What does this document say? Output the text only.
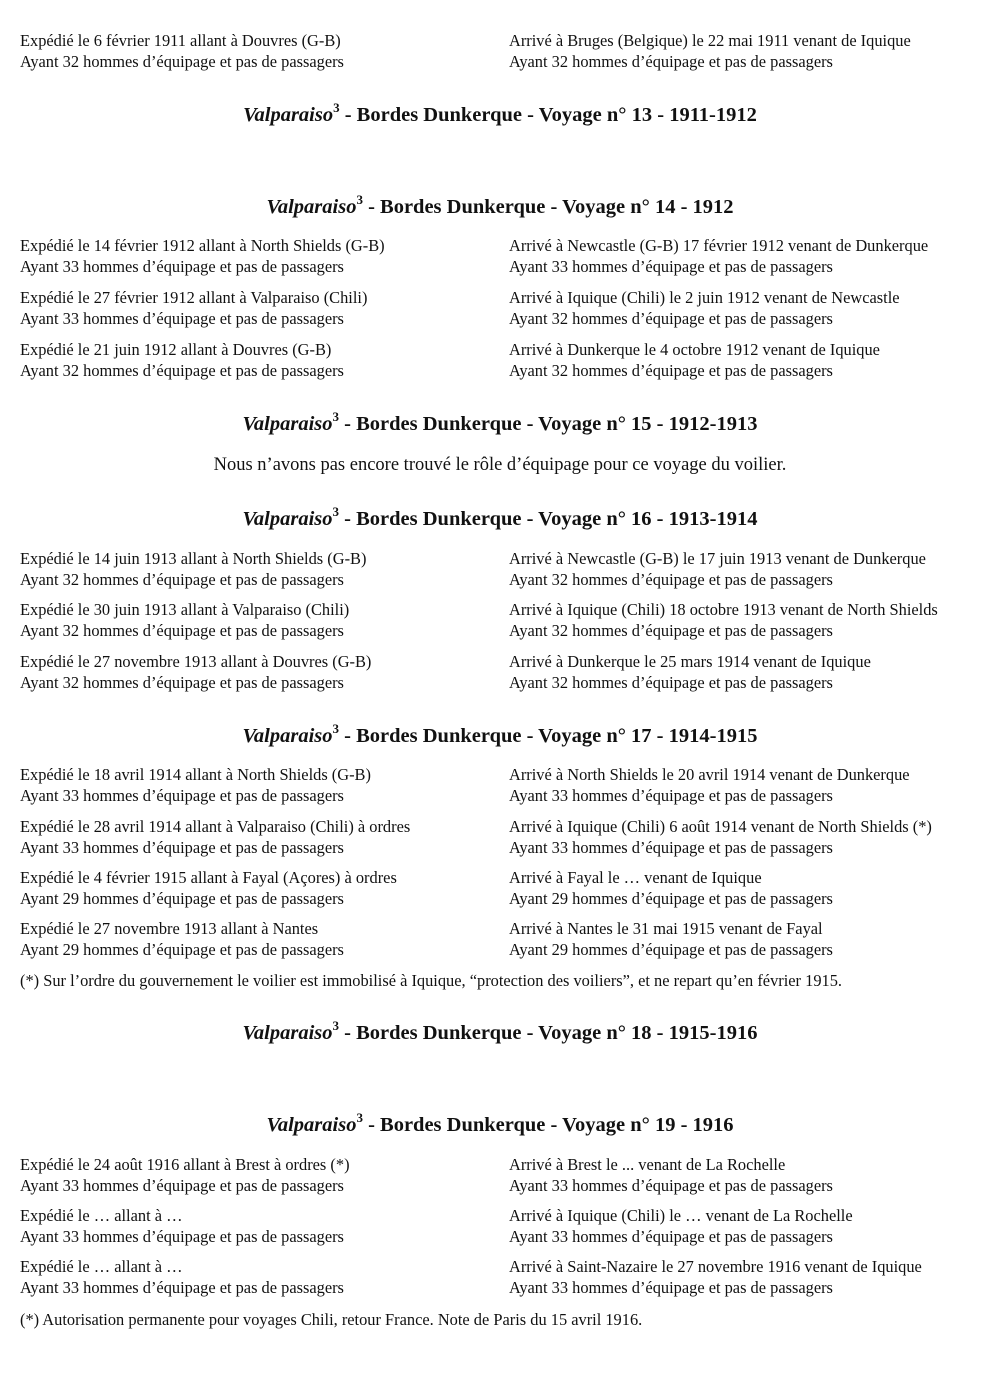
Expédié le 6 février 1911 allant à Douvres (G-B)
Ayant 32 hommes d’équipage et pas de passagers
Arrivé à Bruges (Belgique) le 22 mai 1911 venant de Iquique
Ayant 32 hommes d’équipage et pas de passagers
Valparaiso$^3$ - Bordes Dunkerque - Voyage n° 13 - 1911-1912
Valparaiso$^3$ - Bordes Dunkerque - Voyage n° 14 - 1912
Expédié le 14 février 1912 allant à North Shields (G-B)
Ayant 33 hommes d’équipage et pas de passagers
Arrivé à Newcastle (G-B) 17 février 1912 venant de Dunkerque
Ayant 33 hommes d’équipage et pas de passagers
Expédié le 27 février 1912 allant à Valparaiso (Chili)
Ayant 33 hommes d’équipage et pas de passagers
Arrivé à Iquique (Chili) le 2 juin 1912 venant de Newcastle
Ayant 32 hommes d’équipage et pas de passagers
Expédié le 21 juin 1912 allant à Douvres (G-B)
Ayant 32 hommes d’équipage et pas de passagers
Arrivé à Dunkerque le 4 octobre 1912 venant de Iquique
Ayant 32 hommes d’équipage et pas de passagers
Valparaiso$^3$ - Bordes Dunkerque - Voyage n° 15 - 1912-1913
Nous n’avons pas encore trouvé le rôle d’équipage pour ce voyage du voilier.
Valparaiso$^3$ - Bordes Dunkerque - Voyage n° 16 - 1913-1914
Expédié le 14 juin 1913 allant à North Shields (G-B)
Ayant 32 hommes d’équipage et pas de passagers
Arrivé à Newcastle (G-B) le 17 juin 1913 venant de Dunkerque
Ayant 32 hommes d’équipage et pas de passagers
Expédié le 30 juin 1913 allant à Valparaiso (Chili)
Ayant 32 hommes d’équipage et pas de passagers
Arrivé à Iquique (Chili) 18 octobre 1913 venant de North Shields
Ayant 32 hommes d’équipage et pas de passagers
Expédié le 27 novembre 1913 allant à Douvres (G-B)
Ayant 32 hommes d’équipage et pas de passagers
Arrivé à Dunkerque le 25 mars 1914 venant de Iquique
Ayant 32 hommes d’équipage et pas de passagers
Valparaiso$^3$ - Bordes Dunkerque - Voyage n° 17 - 1914-1915
Expédié le 18 avril 1914 allant à North Shields (G-B)
Ayant 33 hommes d’équipage et pas de passagers
Arrivé à North Shields le 20 avril 1914 venant de Dunkerque
Ayant 33 hommes d’équipage et pas de passagers
Expédié le 28 avril 1914 allant à Valparaiso (Chili) à ordres
Ayant 33 hommes d’équipage et pas de passagers
Arrivé à Iquique (Chili) 6 août 1914 venant de North Shields (*)
Ayant 33 hommes d’équipage et pas de passagers
Expédié le 4 février 1915 allant à Fayal (Açores) à ordres
Ayant 29 hommes d’équipage et pas de passagers
Arrivé à Fayal le … venant de Iquique
Ayant 29 hommes d’équipage et pas de passagers
Expédié le 27 novembre 1913 allant à Nantes
Ayant 29 hommes d’équipage et pas de passagers
Arrivé à Nantes le 31 mai 1915 venant de Fayal
Ayant 29 hommes d’équipage et pas de passagers
(*) Sur l’ordre du gouvernement le voilier est immobilisé à Iquique, “protection des voiliers”, et ne repart qu’en février 1915.
Valparaiso$^3$ - Bordes Dunkerque - Voyage n° 18 - 1915-1916
Valparaiso$^3$ - Bordes Dunkerque - Voyage n° 19 - 1916
Expédié le 24 août 1916 allant à Brest à ordres (*)
Ayant 33 hommes d’équipage et pas de passagers
Arrivé à Brest le ... venant de La Rochelle
Ayant 33 hommes d’équipage et pas de passagers
Expédié le … allant à …
Ayant 33 hommes d’équipage et pas de passagers
Arrivé à Iquique (Chili) le … venant de La Rochelle
Ayant 33 hommes d’équipage et pas de passagers
Expédié le … allant à …
Ayant 33 hommes d’équipage et pas de passagers
Arrivé à Saint-Nazaire le 27 novembre 1916 venant de Iquique
Ayant 33 hommes d’équipage et pas de passagers
(*) Autorisation permanente pour voyages Chili, retour France. Note de Paris du 15 avril 1916.
